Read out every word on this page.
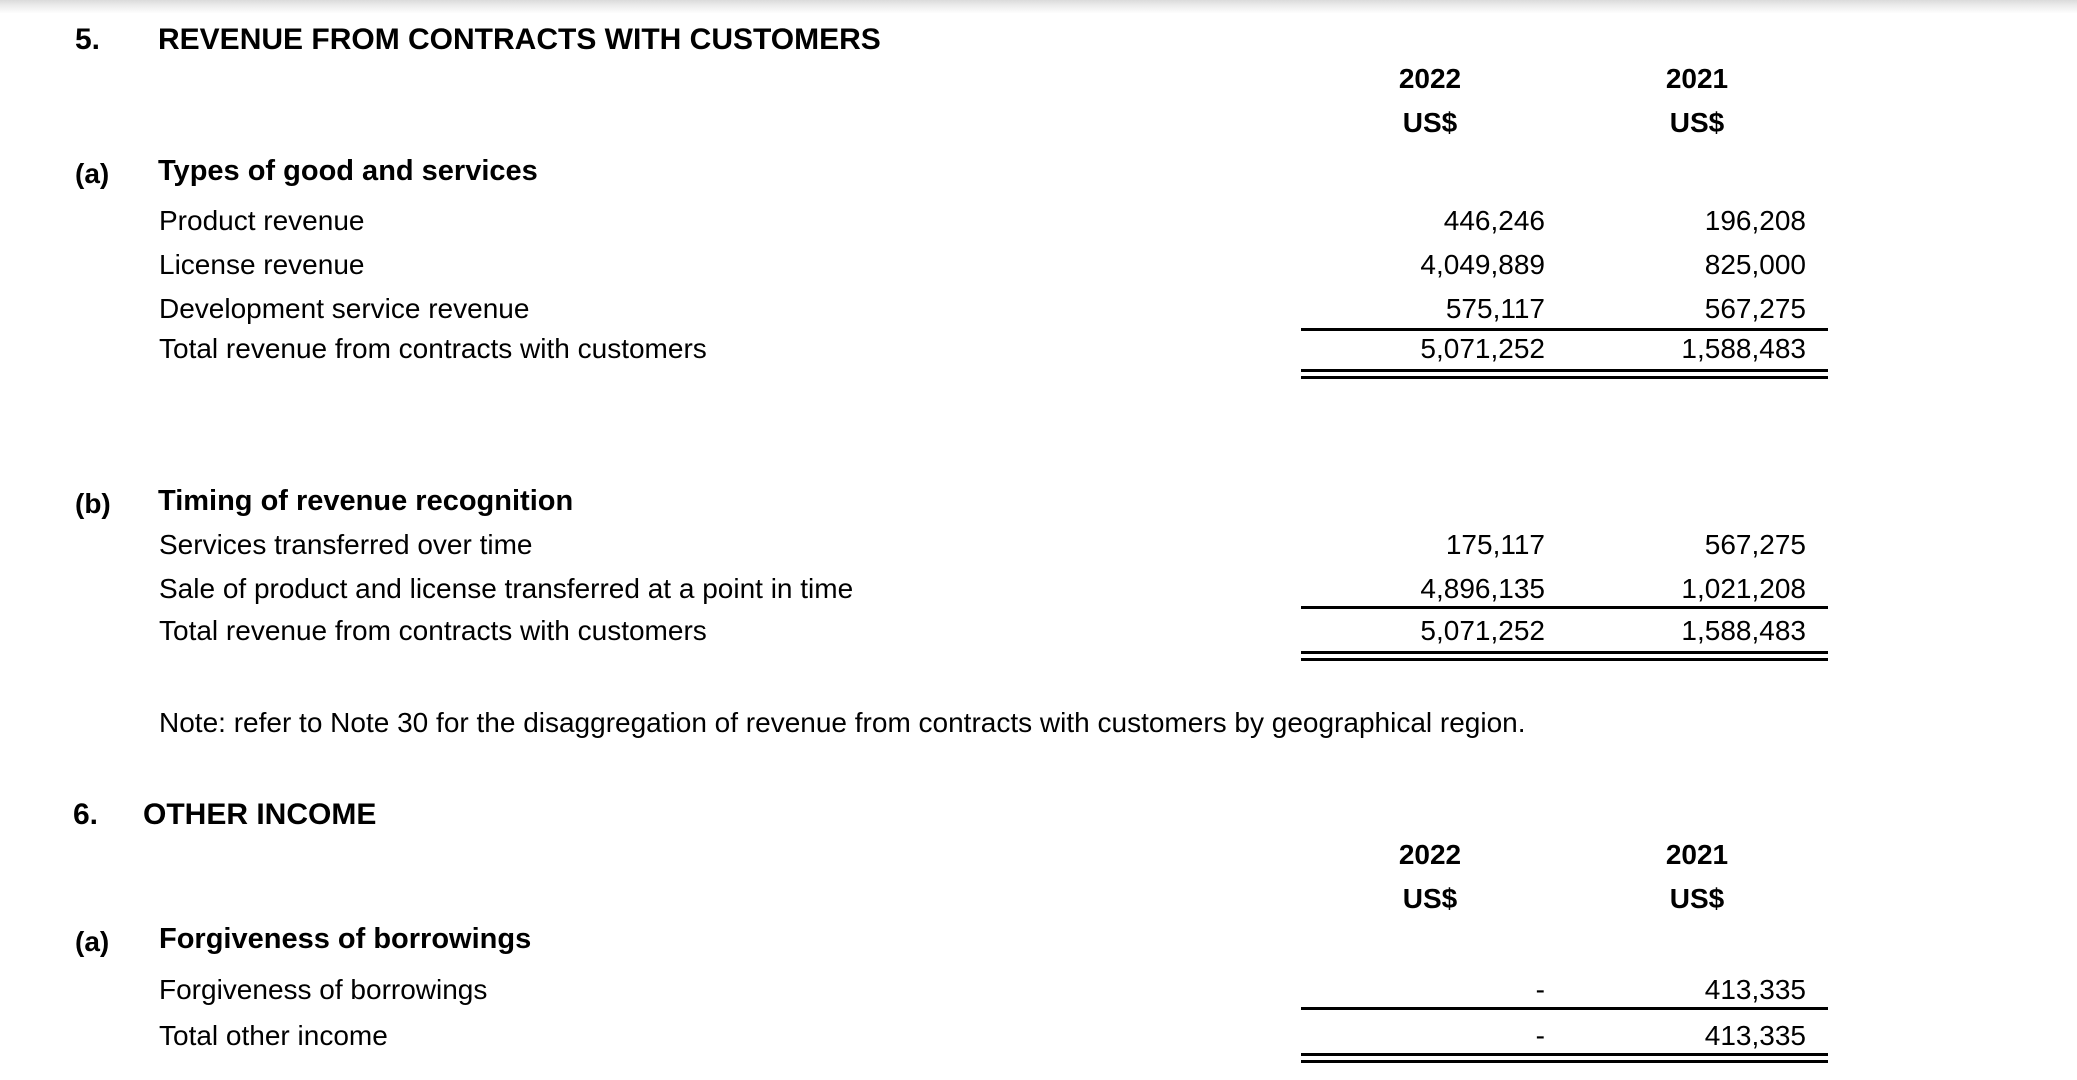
5. REVENUE FROM CONTRACTS WITH CUSTOMERS
2022	2021
US$	US$
(a) Types of good and services
Product revenue	446,246	196,208
License revenue	4,049,889	825,000
Development service revenue	575,117	567,275
Total revenue from contracts with customers	5,071,252	1,588,483
(b) Timing of revenue recognition
Services transferred over time	175,117	567,275
Sale of product and license transferred at a point in time	4,896,135	1,021,208
Total revenue from contracts with customers	5,071,252	1,588,483
Note: refer to Note 30 for the disaggregation of revenue from contracts with customers by geographical region.
6. OTHER INCOME
2022	2021
US$	US$
(a) Forgiveness of borrowings
Forgiveness of borrowings	-	413,335
Total other income	-	413,335
